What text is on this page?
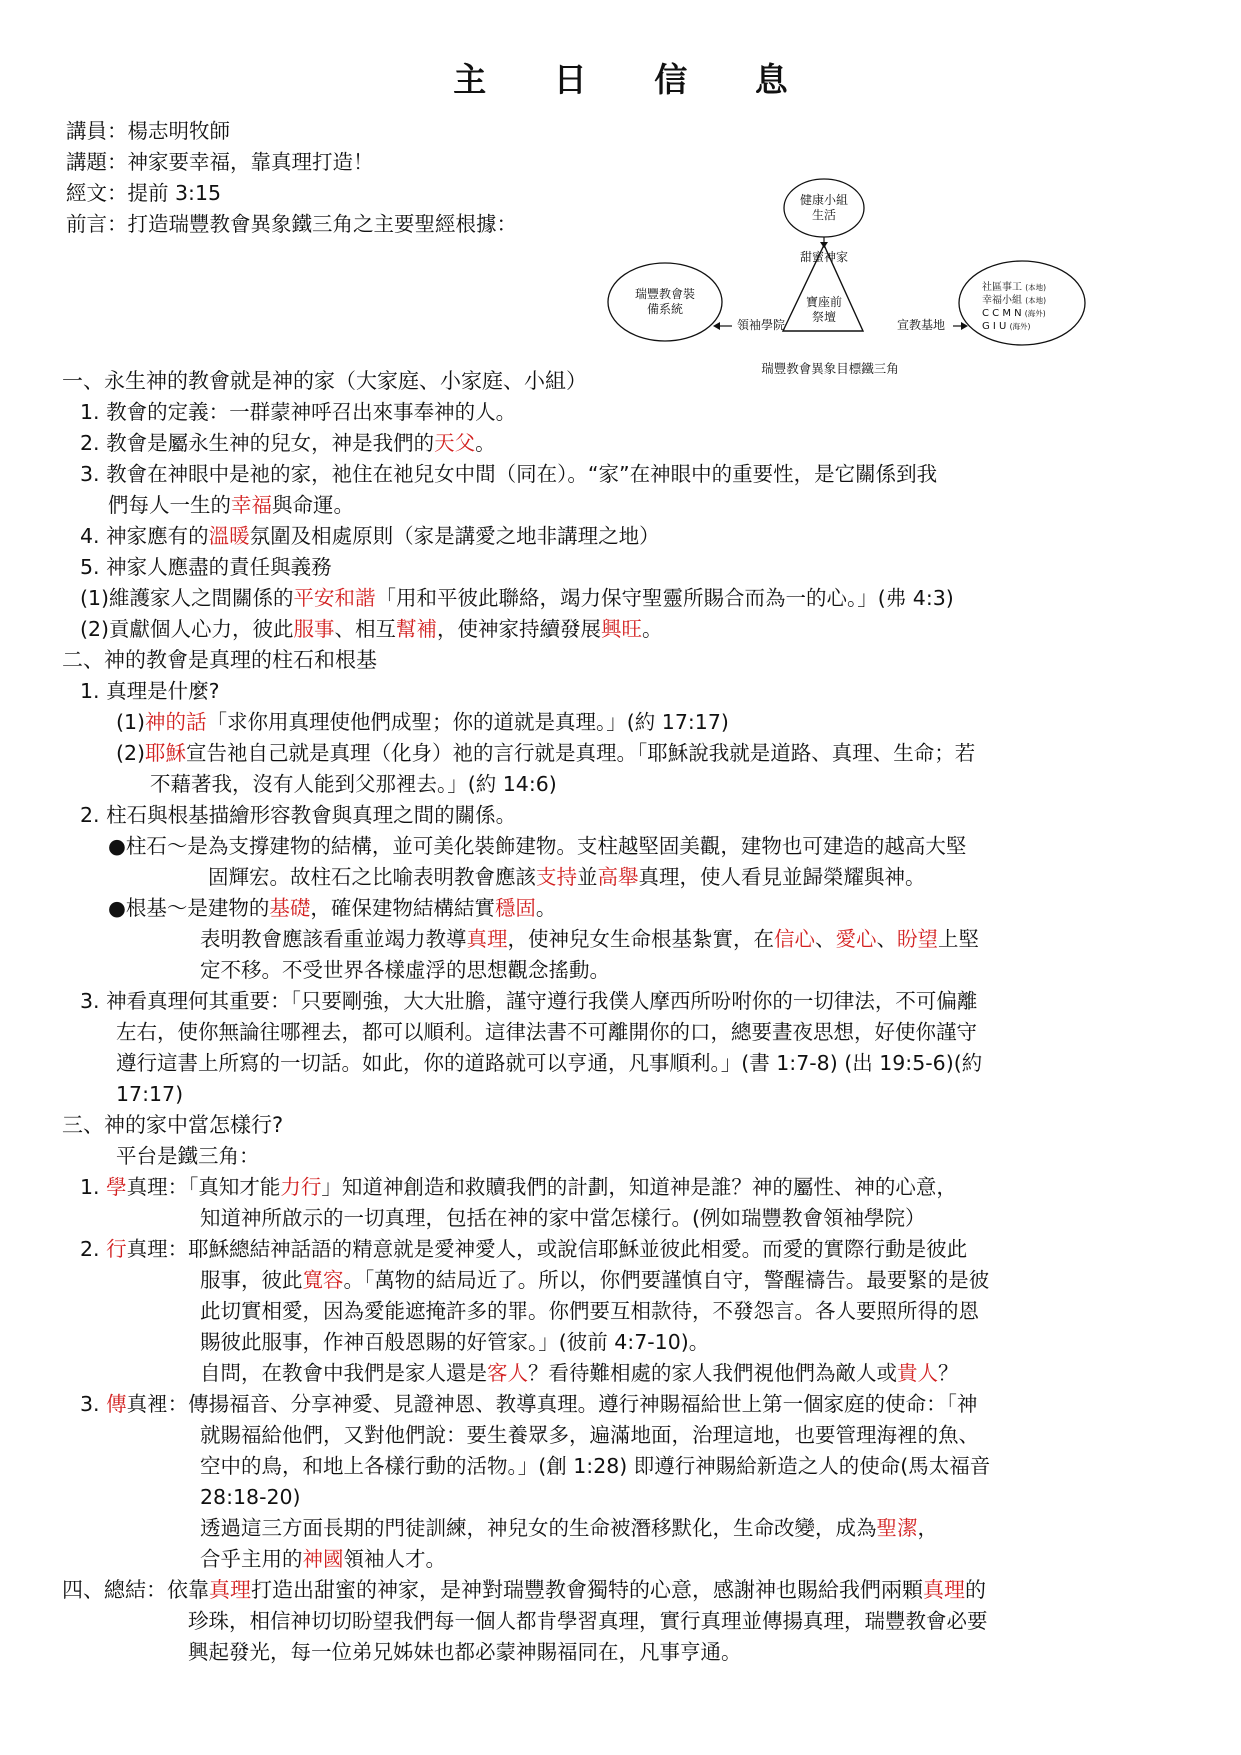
主 日 信 息

講員：楊志明牧師

講題：神家要幸福，靠真理打造！

經文：提前 3:15

前言：打造瑞豐教會異象鐵三角之主要聖經根據：

健康小組
生活
甜蜜神家
寶座前
祭壇
瑞豐教會裝
備系統
領袖學院	宣教基地
社區事工 (本地)
幸福小組 (本地)
C C M N (海外)
G I U (海外)
瑞豐教會異象目標鐵三角

一、永生神的教會就是神的家（大家庭、小家庭、小組）

1. 教會的定義：一群蒙神呼召出來事奉神的人。

2. 教會是屬永生神的兒女，神是我們的天父。

3. 教會在神眼中是祂的家，祂住在祂兒女中間（同在）。“家”在神眼中的重要性，是它關係到我

們每人一生的幸福與命運。

4. 神家應有的溫暖氛圍及相處原則（家是講愛之地非講理之地）

5. 神家人應盡的責任與義務

(1)維護家人之間關係的平安和諧「用和平彼此聯絡，竭力保守聖靈所賜合而為一的心。」(弗 4:3)

(2)貢獻個人心力，彼此服事、相互幫補，使神家持續發展興旺。

二、神的教會是真理的柱石和根基

1. 真理是什麼?

(1)神的話「求你用真理使他們成聖；你的道就是真理。」(約 17:17)

(2)耶穌宣告祂自己就是真理（化身）祂的言行就是真理。「耶穌說我就是道路、真理、生命；若

不藉著我，沒有人能到父那裡去。」(約 14:6)

2. 柱石與根基描繪形容教會與真理之間的關係。

●柱石～是為支撐建物的結構，並可美化裝飾建物。支柱越堅固美觀，建物也可建造的越高大堅

固輝宏。故柱石之比喻表明教會應該支持並高舉真理，使人看見並歸榮耀與神。

●根基～是建物的基礎，確保建物結構結實穩固。

表明教會應該看重並竭力教導真理，使神兒女生命根基紮實，在信心、愛心、盼望上堅

定不移。不受世界各樣虛浮的思想觀念搖動。

3. 神看真理何其重要：「只要剛強，大大壯膽，謹守遵行我僕人摩西所吩咐你的一切律法，不可偏離

左右，使你無論往哪裡去，都可以順利。這律法書不可離開你的口，總要晝夜思想，好使你謹守

遵行這書上所寫的一切話。如此，你的道路就可以亨通，凡事順利。」(書 1:7-8) (出 19:5-6)(約

17:17)

三、神的家中當怎樣行?

平台是鐵三角：

1. 學真理：「真知才能力行」知道神創造和救贖我們的計劃，知道神是誰？神的屬性、神的心意，

知道神所啟示的一切真理，包括在神的家中當怎樣行。(例如瑞豐教會領袖學院）

2. 行真理：耶穌總結神話語的精意就是愛神愛人，或說信耶穌並彼此相愛。而愛的實際行動是彼此

服事，彼此寬容。「萬物的結局近了。所以，你們要謹慎自守，警醒禱告。最要緊的是彼

此切實相愛，因為愛能遮掩許多的罪。你們要互相款待，不發怨言。各人要照所得的恩

賜彼此服事，作神百般恩賜的好管家。」(彼前 4:7-10)。

自問，在教會中我們是家人還是客人？看待難相處的家人我們視他們為敵人或貴人？

3. 傳真裡：傳揚福音、分享神愛、見證神恩、教導真理。遵行神賜福給世上第一個家庭的使命：「神

就賜福給他們，又對他們說：要生養眾多，遍滿地面，治理這地，也要管理海裡的魚、

空中的鳥，和地上各樣行動的活物。」(創 1:28) 即遵行神賜給新造之人的使命(馬太福音

28:18-20)

透過這三方面長期的門徒訓練，神兒女的生命被潛移默化，生命改變，成為聖潔，

合乎主用的神國領袖人才。

四、總結：依靠真理打造出甜蜜的神家，是神對瑞豐教會獨特的心意，感謝神也賜給我們兩顆真理的

珍珠，相信神切切盼望我們每一個人都肯學習真理，實行真理並傳揚真理，瑞豐教會必要

興起發光，每一位弟兄姊妹也都必蒙神賜福同在，凡事亨通。
